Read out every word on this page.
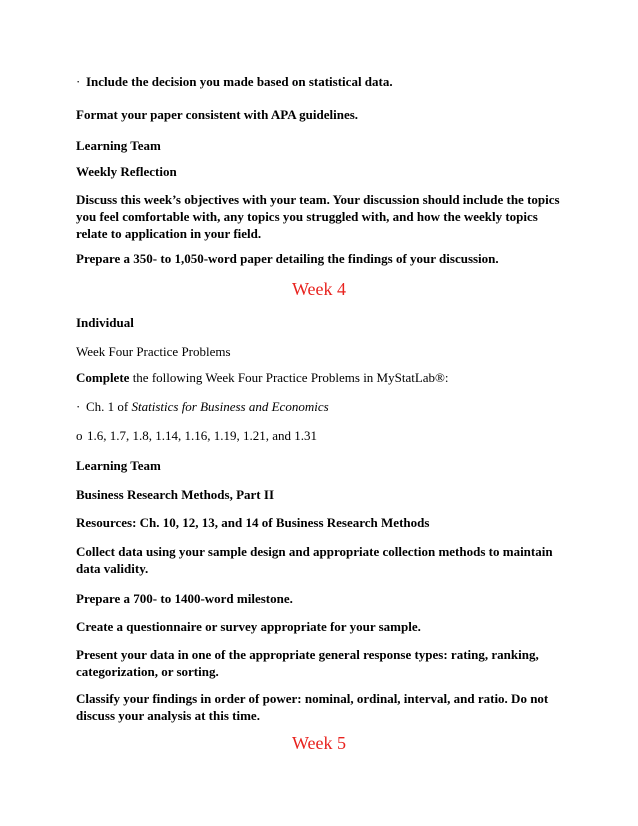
· Include the decision you made based on statistical data.

Format your paper consistent with APA guidelines.

Learning Team

Weekly Reflection

Discuss this week’s objectives with your team. Your discussion should include the topics you feel comfortable with, any topics you struggled with, and how the weekly topics relate to application in your field.

Prepare a 350- to 1,050-word paper detailing the findings of your discussion.

Week 4

Individual

Week Four Practice Problems

Complete the following Week Four Practice Problems in MyStatLab®:

· Ch. 1 of Statistics for Business and Economics

o 1.6, 1.7, 1.8, 1.14, 1.16, 1.19, 1.21, and 1.31

Learning Team

Business Research Methods, Part II

Resources: Ch. 10, 12, 13, and 14 of Business Research Methods

Collect data using your sample design and appropriate collection methods to maintain data validity.

Prepare a 700- to 1400-word milestone.

Create a questionnaire or survey appropriate for your sample.

Present your data in one of the appropriate general response types: rating, ranking, categorization, or sorting.

Classify your findings in order of power: nominal, ordinal, interval, and ratio. Do not discuss your analysis at this time.

Week 5
